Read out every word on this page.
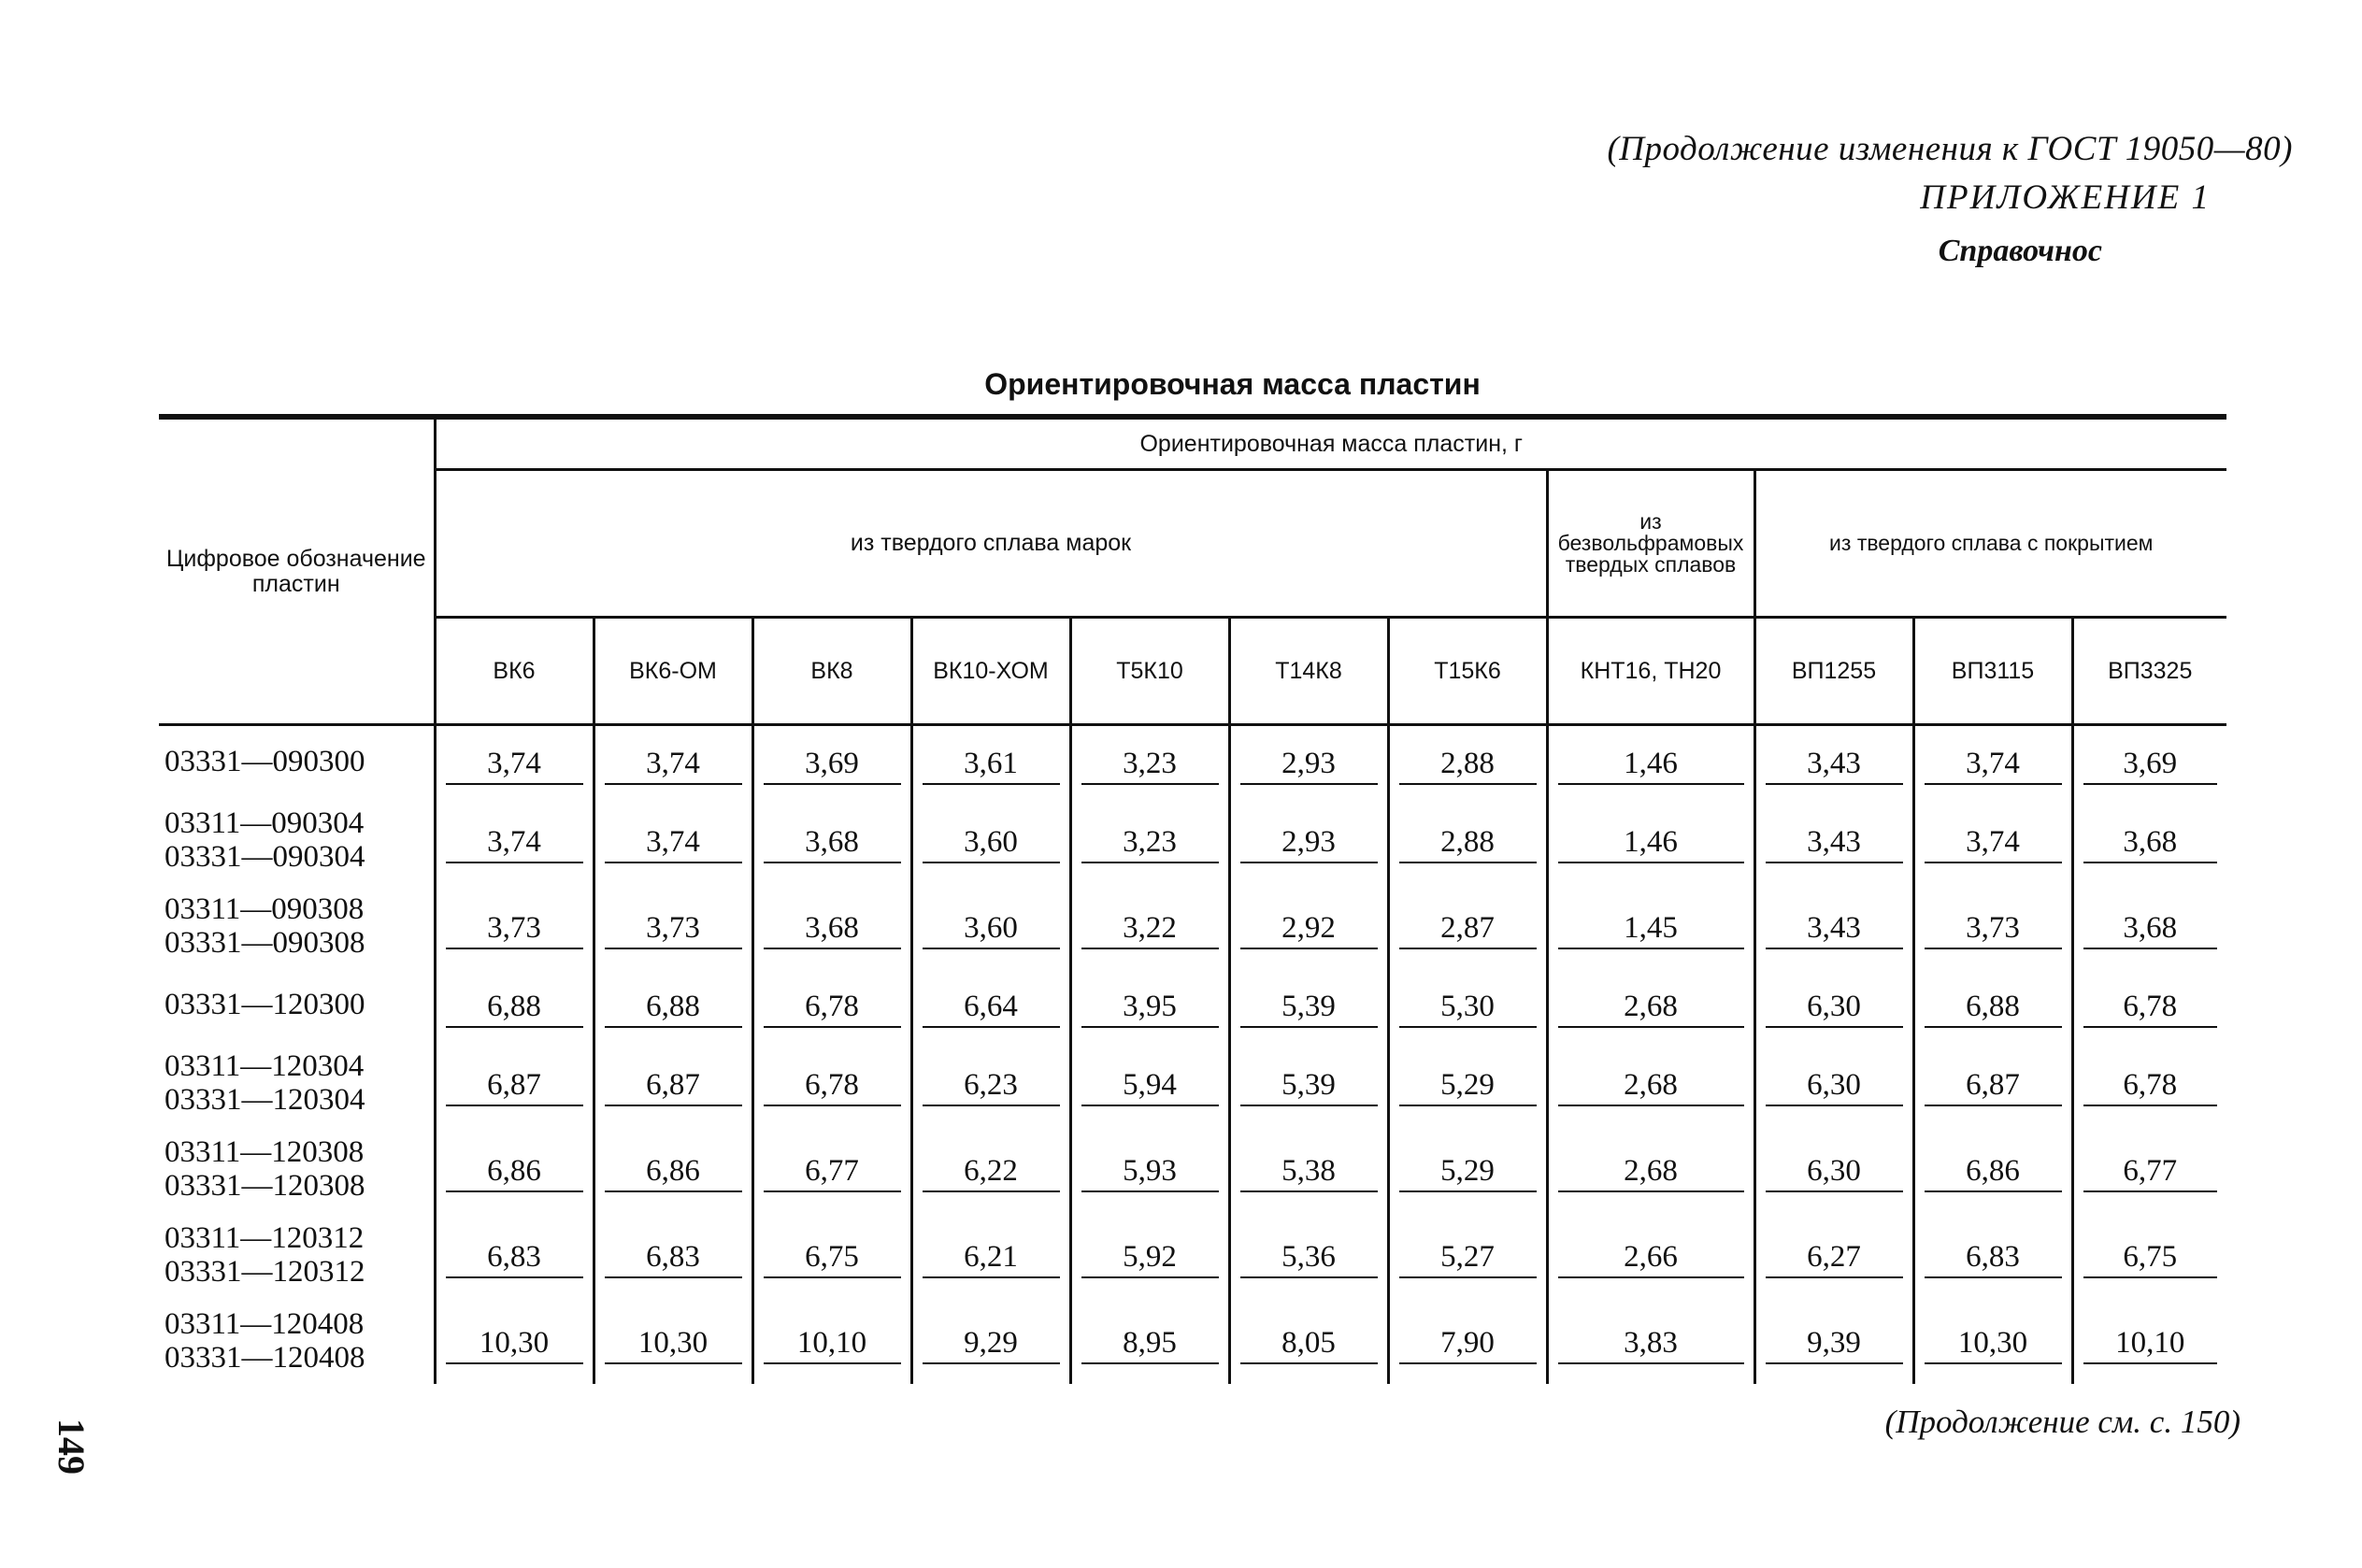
(Продолжение изменения к ГОСТ 19050—80)
ПРИЛОЖЕНИЕ 1
Справочнос
Ориентировочная масса пластин
Цифровое обозначение пластин	Ориентировочная масса пластин, г										
	из твердого сплава марок							из безвольфрамовых твердых сплавов	из твердого сплава с покрытием		
	ВК6	ВК6-ОМ	ВК8	ВК10-ХОМ	Т5К10	Т14К8	Т15К6	КНТ16, ТН20	ВП1255	ВП3115	ВП3325

03331—090300	3,74	3,74	3,69	3,61	3,23	2,93	2,88	1,46	3,43	3,74	3,69

03311—090304
03331—090304	3,74	3,74	3,68	3,60	3,23	2,93	2,88	1,46	3,43	3,74	3,68

03311—090308
03331—090308	3,73	3,73	3,68	3,60	3,22	2,92	2,87	1,45	3,43	3,73	3,68

03331—120300	6,88	6,88	6,78	6,64	3,95	5,39	5,30	2,68	6,30	6,88	6,78

03311—120304
03331—120304	6,87	6,87	6,78	6,23	5,94	5,39	5,29	2,68	6,30	6,87	6,78

03311—120308
03331—120308	6,86	6,86	6,77	6,22	5,93	5,38	5,29	2,68	6,30	6,86	6,77

03311—120312
03331—120312	6,83	6,83	6,75	6,21	5,92	5,36	5,27	2,66	6,27	6,83	6,75

03311—120408
03331—120408	10,30	10,30	10,10	9,29	8,95	8,05	7,90	3,83	9,39	10,30	10,10
149	(Продолжение см. с. 150)
